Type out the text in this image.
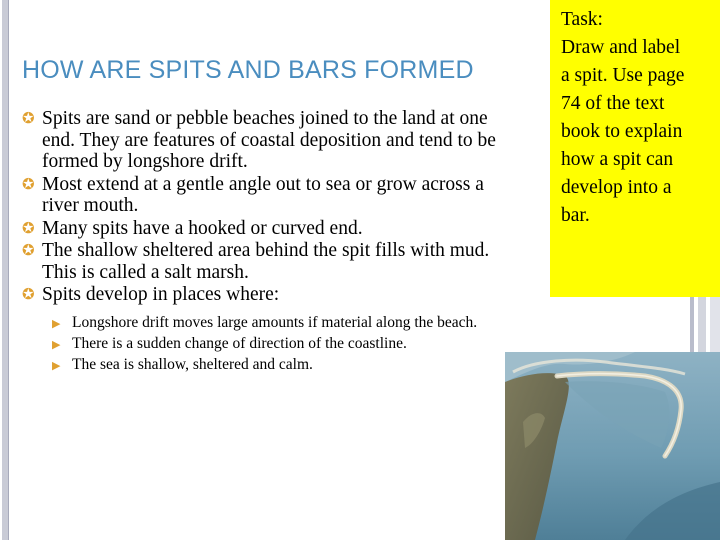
HOW ARE SPITS AND BARS FORMED
✪ Spits are sand or pebble beaches joined to the land at one end. They are features of coastal deposition and tend to be formed by longshore drift.
✪ Most extend at a gentle angle out to sea or grow across a river mouth.
✪ Many spits have a hooked or curved end.
✪ The shallow sheltered area behind the spit fills with mud. This is called a salt marsh.
✪ Spits develop in places where:
▶ Longshore drift moves large amounts if material along the beach.
▶ There is a sudden change of direction of the coastline.
▶ The sea is shallow, sheltered and calm.
Task:
Draw and label
a spit. Use page
74 of the text
book to explain
how a spit can
develop into a
bar.
